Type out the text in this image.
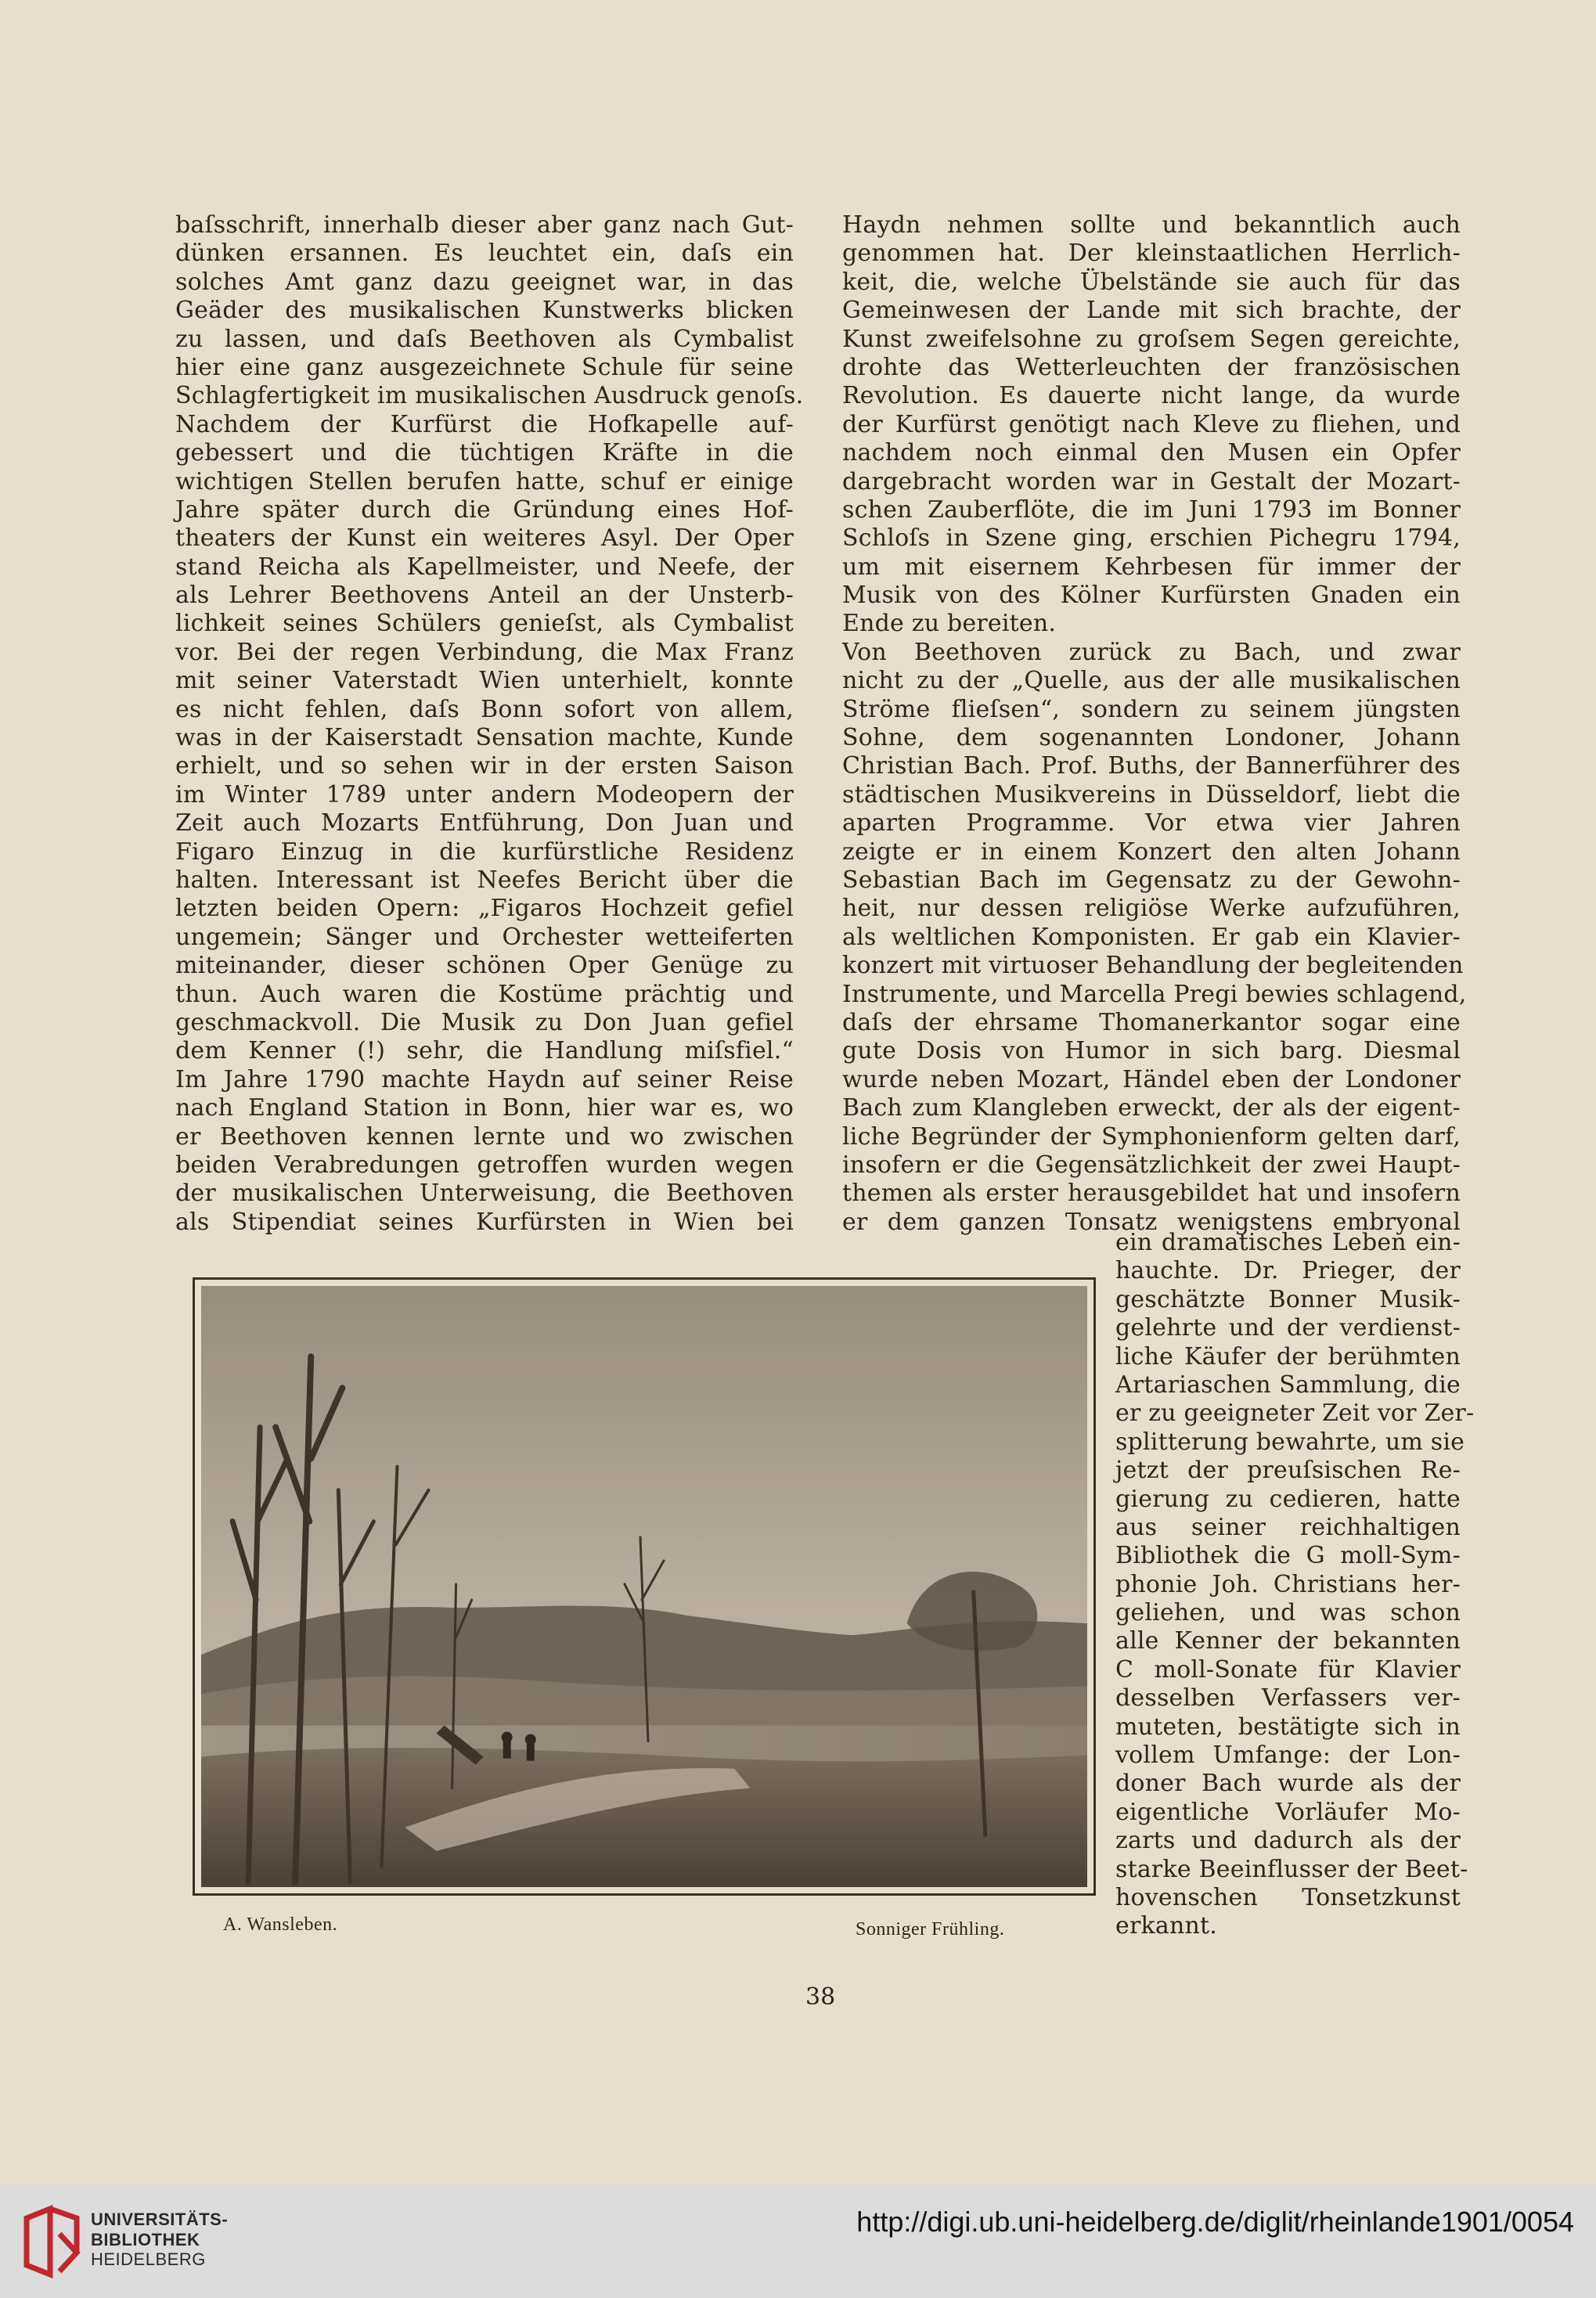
baſsschrift, innerhalb dieser aber ganz nach Gut-
dünken ersannen. Es leuchtet ein, daſs ein
solches Amt ganz dazu geeignet war, in das
Geäder des musikalischen Kunstwerks blicken
zu lassen, und daſs Beethoven als Cymbalist
hier eine ganz ausgezeichnete Schule für seine
Schlagfertigkeit im musikalischen Ausdruck genoſs.
Nachdem der Kurfürst die Hofkapelle auf-
gebessert und die tüchtigen Kräfte in die
wichtigen Stellen berufen hatte, schuf er einige
Jahre später durch die Gründung eines Hof-
theaters der Kunst ein weiteres Asyl. Der Oper
stand Reicha als Kapellmeister, und Neefe, der
als Lehrer Beethovens Anteil an der Unsterb-
lichkeit seines Schülers genieſst, als Cymbalist
vor. Bei der regen Verbindung, die Max Franz
mit seiner Vaterstadt Wien unterhielt, konnte
es nicht fehlen, daſs Bonn sofort von allem,
was in der Kaiserstadt Sensation machte, Kunde
erhielt, und so sehen wir in der ersten Saison
im Winter 1789 unter andern Modeopern der
Zeit auch Mozarts Entführung, Don Juan und
Figaro Einzug in die kurfürstliche Residenz
halten. Interessant ist Neefes Bericht über die
letzten beiden Opern: „Figaros Hochzeit gefiel
ungemein; Sänger und Orchester wetteiferten
miteinander, dieser schönen Oper Genüge zu
thun. Auch waren die Kostüme prächtig und
geschmackvoll. Die Musik zu Don Juan gefiel
dem Kenner (!) sehr, die Handlung miſsfiel.“
Im Jahre 1790 machte Haydn auf seiner Reise
nach England Station in Bonn, hier war es, wo
er Beethoven kennen lernte und wo zwischen
beiden Verabredungen getroffen wurden wegen
der musikalischen Unterweisung, die Beethoven
als Stipendiat seines Kurfürsten in Wien bei
Haydn nehmen sollte und bekanntlich auch
genommen hat. Der kleinstaatlichen Herrlich-
keit, die, welche Übelstände sie auch für das
Gemeinwesen der Lande mit sich brachte, der
Kunst zweifelsohne zu groſsem Segen gereichte,
drohte das Wetterleuchten der französischen
Revolution. Es dauerte nicht lange, da wurde
der Kurfürst genötigt nach Kleve zu fliehen, und
nachdem noch einmal den Musen ein Opfer
dargebracht worden war in Gestalt der Mozart-
schen Zauberflöte, die im Juni 1793 im Bonner
Schloſs in Szene ging, erschien Pichegru 1794,
um mit eisernem Kehrbesen für immer der
Musik von des Kölner Kurfürsten Gnaden ein
Ende zu bereiten.
Von Beethoven zurück zu Bach, und zwar
nicht zu der „Quelle, aus der alle musikalischen
Ströme flieſsen“, sondern zu seinem jüngsten
Sohne, dem sogenannten Londoner, Johann
Christian Bach. Prof. Buths, der Bannerführer des
städtischen Musikvereins in Düsseldorf, liebt die
aparten Programme. Vor etwa vier Jahren
zeigte er in einem Konzert den alten Johann
Sebastian Bach im Gegensatz zu der Gewohn-
heit, nur dessen religiöse Werke aufzuführen,
als weltlichen Komponisten. Er gab ein Klavier-
konzert mit virtuoser Behandlung der begleitenden
Instrumente, und Marcella Pregi bewies schlagend,
daſs der ehrsame Thomanerkantor sogar eine
gute Dosis von Humor in sich barg. Diesmal
wurde neben Mozart, Händel eben der Londoner
Bach zum Klangleben erweckt, der als der eigent-
liche Begründer der Symphonienform gelten darf,
insofern er die Gegensätzlichkeit der zwei Haupt-
themen als erster herausgebildet hat und insofern
er dem ganzen Tonsatz wenigstens embryonal
ein dramatisches Leben ein-
hauchte. Dr. Prieger, der
geschätzte Bonner Musik-
gelehrte und der verdienst-
liche Käufer der berühmten
Artariaschen Sammlung, die
er zu geeigneter Zeit vor Zer-
splitterung bewahrte, um sie
jetzt der preuſsischen Re-
gierung zu cedieren, hatte
aus seiner reichhaltigen
Bibliothek die G moll-Sym-
phonie Joh. Christians her-
geliehen, und was schon
alle Kenner der bekannten
C moll-Sonate für Klavier
desselben Verfassers ver-
muteten, bestätigte sich in
vollem Umfange: der Lon-
doner Bach wurde als der
eigentliche Vorläufer Mo-
zarts und dadurch als der
starke Beeinflusser der Beet-
hovenschen Tonsetzkunst
erkannt.
A. Wansleben.	Sonniger Frühling.
38
UNIVERSITÄTS-
BIBLIOTHEK
HEIDELBERG
http://digi.ub.uni-heidelberg.de/diglit/rheinlande1901/0054
